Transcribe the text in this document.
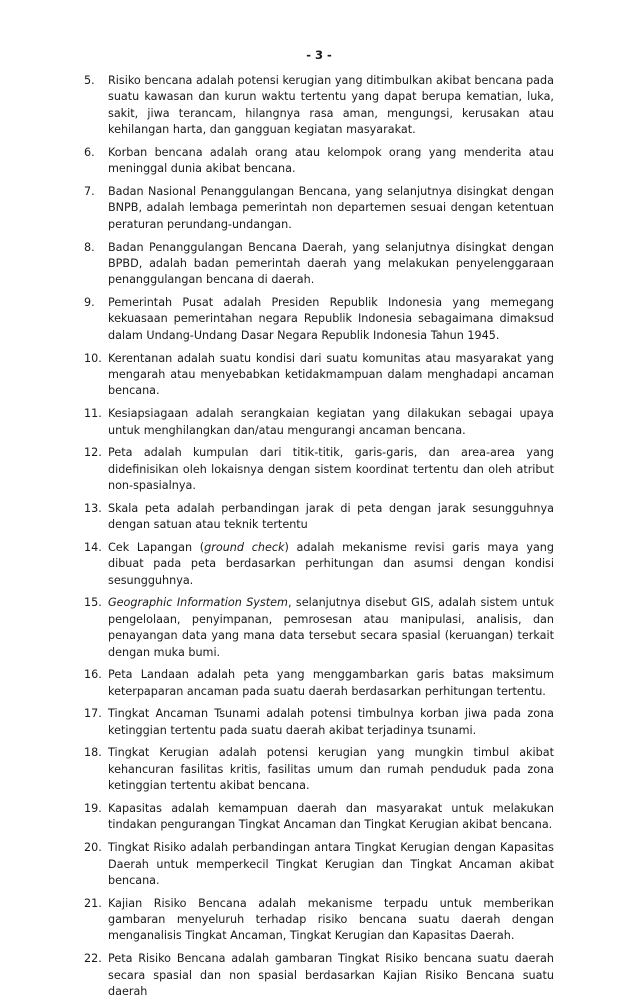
- 3 -
5. Risiko bencana adalah potensi kerugian yang ditimbulkan akibat bencana pada suatu kawasan dan kurun waktu tertentu yang dapat berupa kematian, luka, sakit, jiwa terancam, hilangnya rasa aman, mengungsi, kerusakan atau kehilangan harta, dan gangguan kegiatan masyarakat.
6. Korban bencana adalah orang atau kelompok orang yang menderita atau meninggal dunia akibat bencana.
7. Badan Nasional Penanggulangan Bencana, yang selanjutnya disingkat dengan BNPB, adalah lembaga pemerintah non departemen sesuai dengan ketentuan peraturan perundang-undangan.
8. Badan Penanggulangan Bencana Daerah, yang selanjutnya disingkat dengan BPBD, adalah badan pemerintah daerah yang melakukan penyelenggaraan penanggulangan bencana di daerah.
9. Pemerintah Pusat adalah Presiden Republik Indonesia yang memegang kekuasaan pemerintahan negara Republik Indonesia sebagaimana dimaksud dalam Undang-Undang Dasar Negara Republik Indonesia Tahun 1945.
10. Kerentanan adalah suatu kondisi dari suatu komunitas atau masyarakat yang mengarah atau menyebabkan ketidakmampuan dalam menghadapi ancaman bencana.
11. Kesiapsiagaan adalah serangkaian kegiatan yang dilakukan sebagai upaya untuk menghilangkan dan/atau mengurangi ancaman bencana.
12. Peta adalah kumpulan dari titik-titik, garis-garis, dan area-area yang didefinisikan oleh lokaisnya dengan sistem koordinat tertentu dan oleh atribut non-spasialnya.
13. Skala peta adalah perbandingan jarak di peta dengan jarak sesungguhnya dengan satuan atau teknik tertentu
14. Cek Lapangan (ground check) adalah mekanisme revisi garis maya yang dibuat pada peta berdasarkan perhitungan dan asumsi dengan kondisi sesungguhnya.
15. Geographic Information System, selanjutnya disebut GIS, adalah sistem untuk pengelolaan, penyimpanan, pemrosesan atau manipulasi, analisis, dan penayangan data yang mana data tersebut secara spasial (keruangan) terkait dengan muka bumi.
16. Peta Landaan adalah peta yang menggambarkan garis batas maksimum keterpaparan ancaman pada suatu daerah berdasarkan perhitungan tertentu.
17. Tingkat Ancaman Tsunami adalah potensi timbulnya korban jiwa pada zona ketinggian tertentu pada suatu daerah akibat terjadinya tsunami.
18. Tingkat Kerugian adalah potensi kerugian yang mungkin timbul akibat kehancuran fasilitas kritis, fasilitas umum dan rumah penduduk pada zona ketinggian tertentu akibat bencana.
19. Kapasitas adalah kemampuan daerah dan masyarakat untuk melakukan tindakan pengurangan Tingkat Ancaman dan Tingkat Kerugian akibat bencana.
20. Tingkat Risiko adalah perbandingan antara Tingkat Kerugian dengan Kapasitas Daerah untuk memperkecil Tingkat Kerugian dan Tingkat Ancaman akibat bencana.
21. Kajian Risiko Bencana adalah mekanisme terpadu untuk memberikan gambaran menyeluruh terhadap risiko bencana suatu daerah dengan menganalisis Tingkat Ancaman, Tingkat Kerugian dan Kapasitas Daerah.
22. Peta Risiko Bencana adalah gambaran Tingkat Risiko bencana suatu daerah secara spasial dan non spasial berdasarkan Kajian Risiko Bencana suatu daerah
